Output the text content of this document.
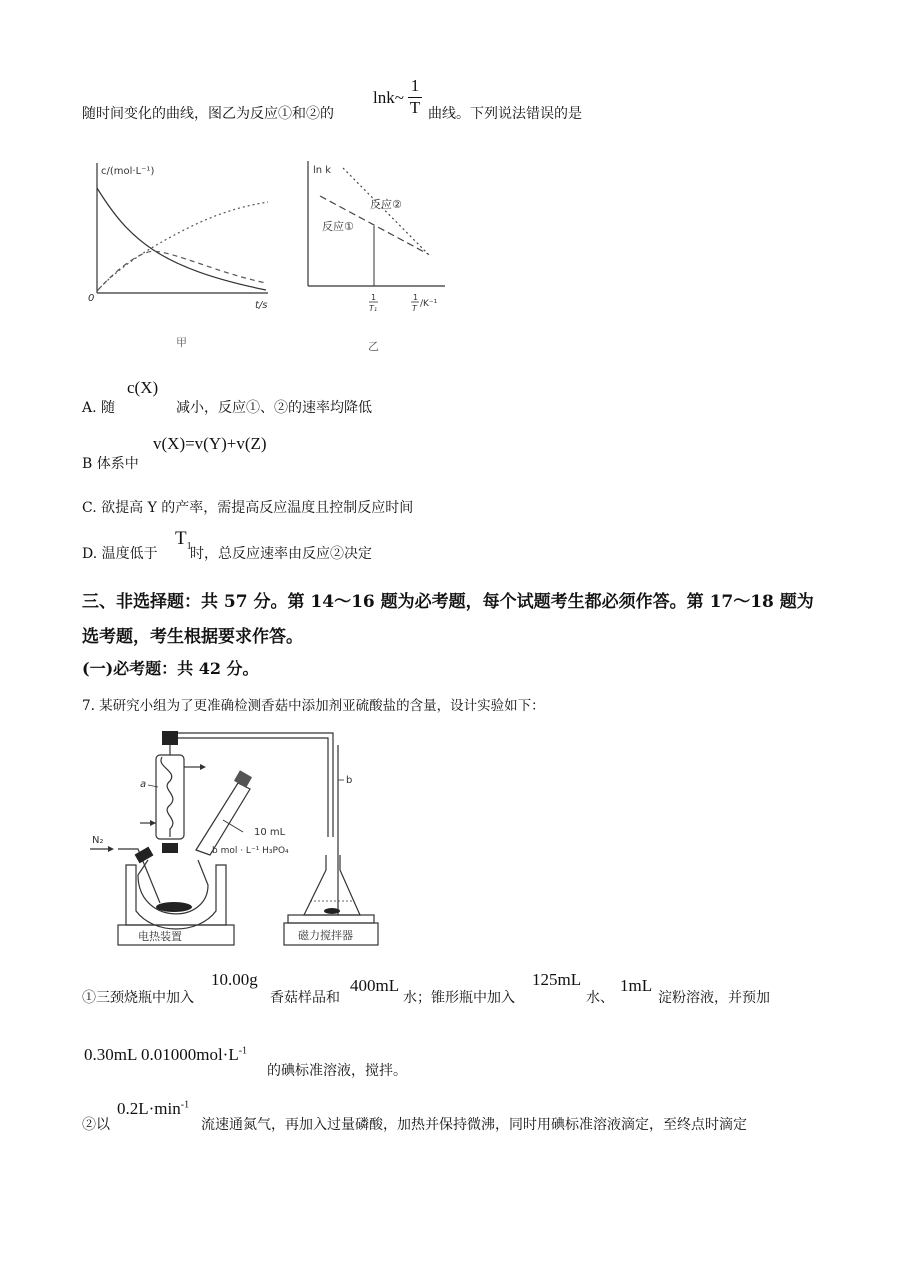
随时间变化的曲线，图乙为反应①和②的
lnk~
1
T 曲线。下列说法错误的是
c/(mol·L⁻¹)
0
t/s
甲
ln k
反应②
反应①
1
T₁
1
T /K⁻¹
乙
A. 随
c(X)
减小，反应①、②的速率均降低
B 体系中
v(X)=v(Y)+v(Z)
C. 欲提高 Y 的产率，需提高反应温度且控制反应时间
D. 温度低于
$T_1$
时，总反应速率由反应②决定
三、非选择题：共 57 分。第 14～16 题为必考题，每个试题考生都必须作答。第 17～18 题为
选考题，考生根据要求作答。
(一)必考题：共 42 分。
7. 某研究小组为了更准确检测香菇中添加剂亚硫酸盐的含量，设计实验如下：
a
10 mL
b mol · L⁻¹ H₃PO₄
N₂
电热装置
b
磁力搅拌器
①三颈烧瓶中加入
10.00g
香菇样品和
400mL
水；锥形瓶中加入
125mL
水、
1mL
淀粉溶液，并预加
0.30mL $0.01000mol\cdot L^{-1}$
的碘标准溶液，搅拌。
②以
$0.2L\cdot\min^{-1}$
流速通氮气，再加入过量磷酸，加热并保持微沸，同时用碘标准溶液滴定，至终点时滴定
